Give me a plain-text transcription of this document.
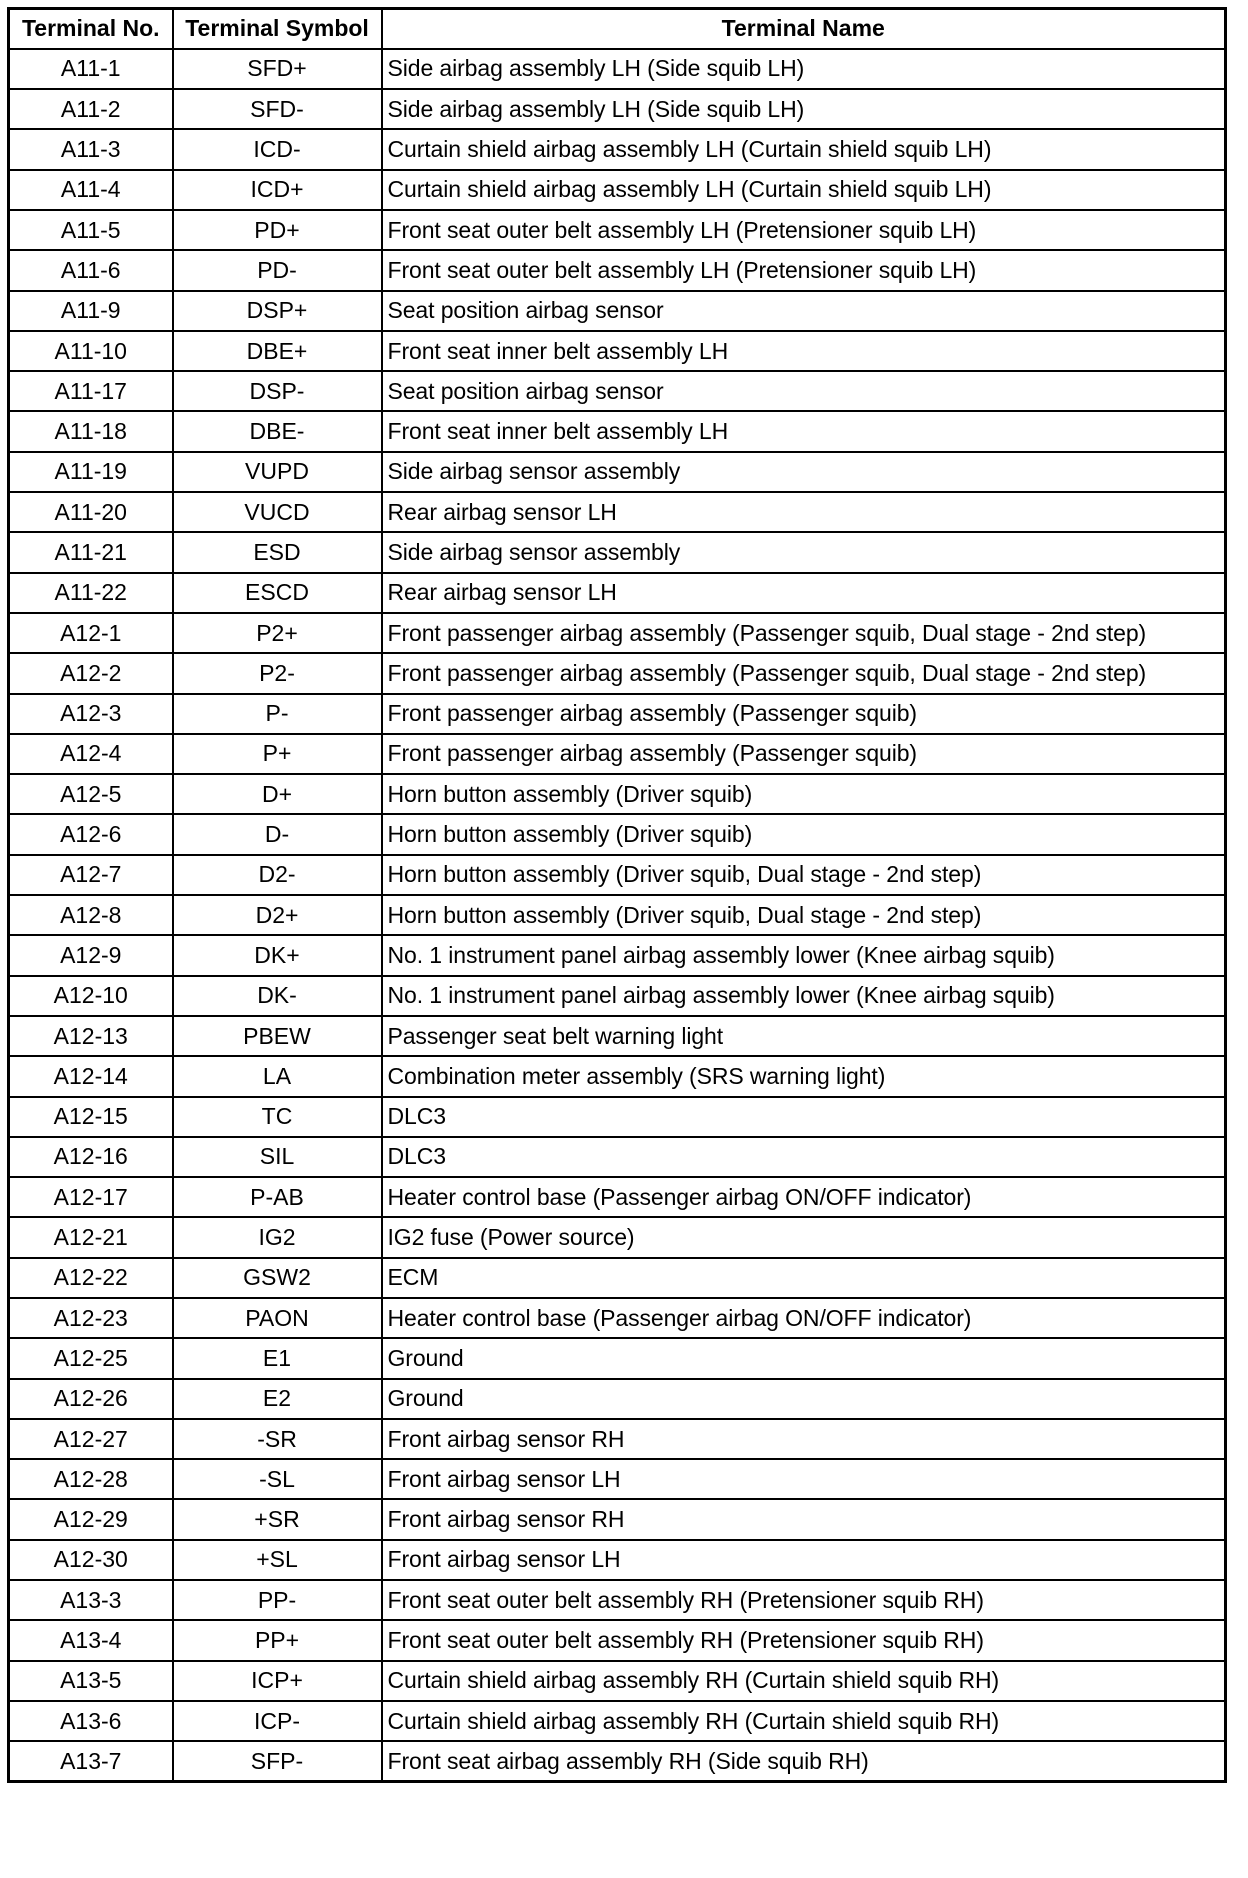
Terminal No.	Terminal Symbol	Terminal Name
A11-1	SFD+	Side airbag assembly LH (Side squib LH)
A11-2	SFD-	Side airbag assembly LH (Side squib LH)
A11-3	ICD-	Curtain shield airbag assembly LH (Curtain shield squib LH)
A11-4	ICD+	Curtain shield airbag assembly LH (Curtain shield squib LH)
A11-5	PD+	Front seat outer belt assembly LH (Pretensioner squib LH)
A11-6	PD-	Front seat outer belt assembly LH (Pretensioner squib LH)
A11-9	DSP+	Seat position airbag sensor
A11-10	DBE+	Front seat inner belt assembly LH
A11-17	DSP-	Seat position airbag sensor
A11-18	DBE-	Front seat inner belt assembly LH
A11-19	VUPD	Side airbag sensor assembly
A11-20	VUCD	Rear airbag sensor LH
A11-21	ESD	Side airbag sensor assembly
A11-22	ESCD	Rear airbag sensor LH
A12-1	P2+	Front passenger airbag assembly (Passenger squib, Dual stage - 2nd step)
A12-2	P2-	Front passenger airbag assembly (Passenger squib, Dual stage - 2nd step)
A12-3	P-	Front passenger airbag assembly (Passenger squib)
A12-4	P+	Front passenger airbag assembly (Passenger squib)
A12-5	D+	Horn button assembly (Driver squib)
A12-6	D-	Horn button assembly (Driver squib)
A12-7	D2-	Horn button assembly (Driver squib, Dual stage - 2nd step)
A12-8	D2+	Horn button assembly (Driver squib, Dual stage - 2nd step)
A12-9	DK+	No. 1 instrument panel airbag assembly lower (Knee airbag squib)
A12-10	DK-	No. 1 instrument panel airbag assembly lower (Knee airbag squib)
A12-13	PBEW	Passenger seat belt warning light
A12-14	LA	Combination meter assembly (SRS warning light)
A12-15	TC	DLC3
A12-16	SIL	DLC3
A12-17	P-AB	Heater control base (Passenger airbag ON/OFF indicator)
A12-21	IG2	IG2 fuse (Power source)
A12-22	GSW2	ECM
A12-23	PAON	Heater control base (Passenger airbag ON/OFF indicator)
A12-25	E1	Ground
A12-26	E2	Ground
A12-27	-SR	Front airbag sensor RH
A12-28	-SL	Front airbag sensor LH
A12-29	+SR	Front airbag sensor RH
A12-30	+SL	Front airbag sensor LH
A13-3	PP-	Front seat outer belt assembly RH (Pretensioner squib RH)
A13-4	PP+	Front seat outer belt assembly RH (Pretensioner squib RH)
A13-5	ICP+	Curtain shield airbag assembly RH (Curtain shield squib RH)
A13-6	ICP-	Curtain shield airbag assembly RH (Curtain shield squib RH)
A13-7	SFP-	Front seat airbag assembly RH (Side squib RH)
